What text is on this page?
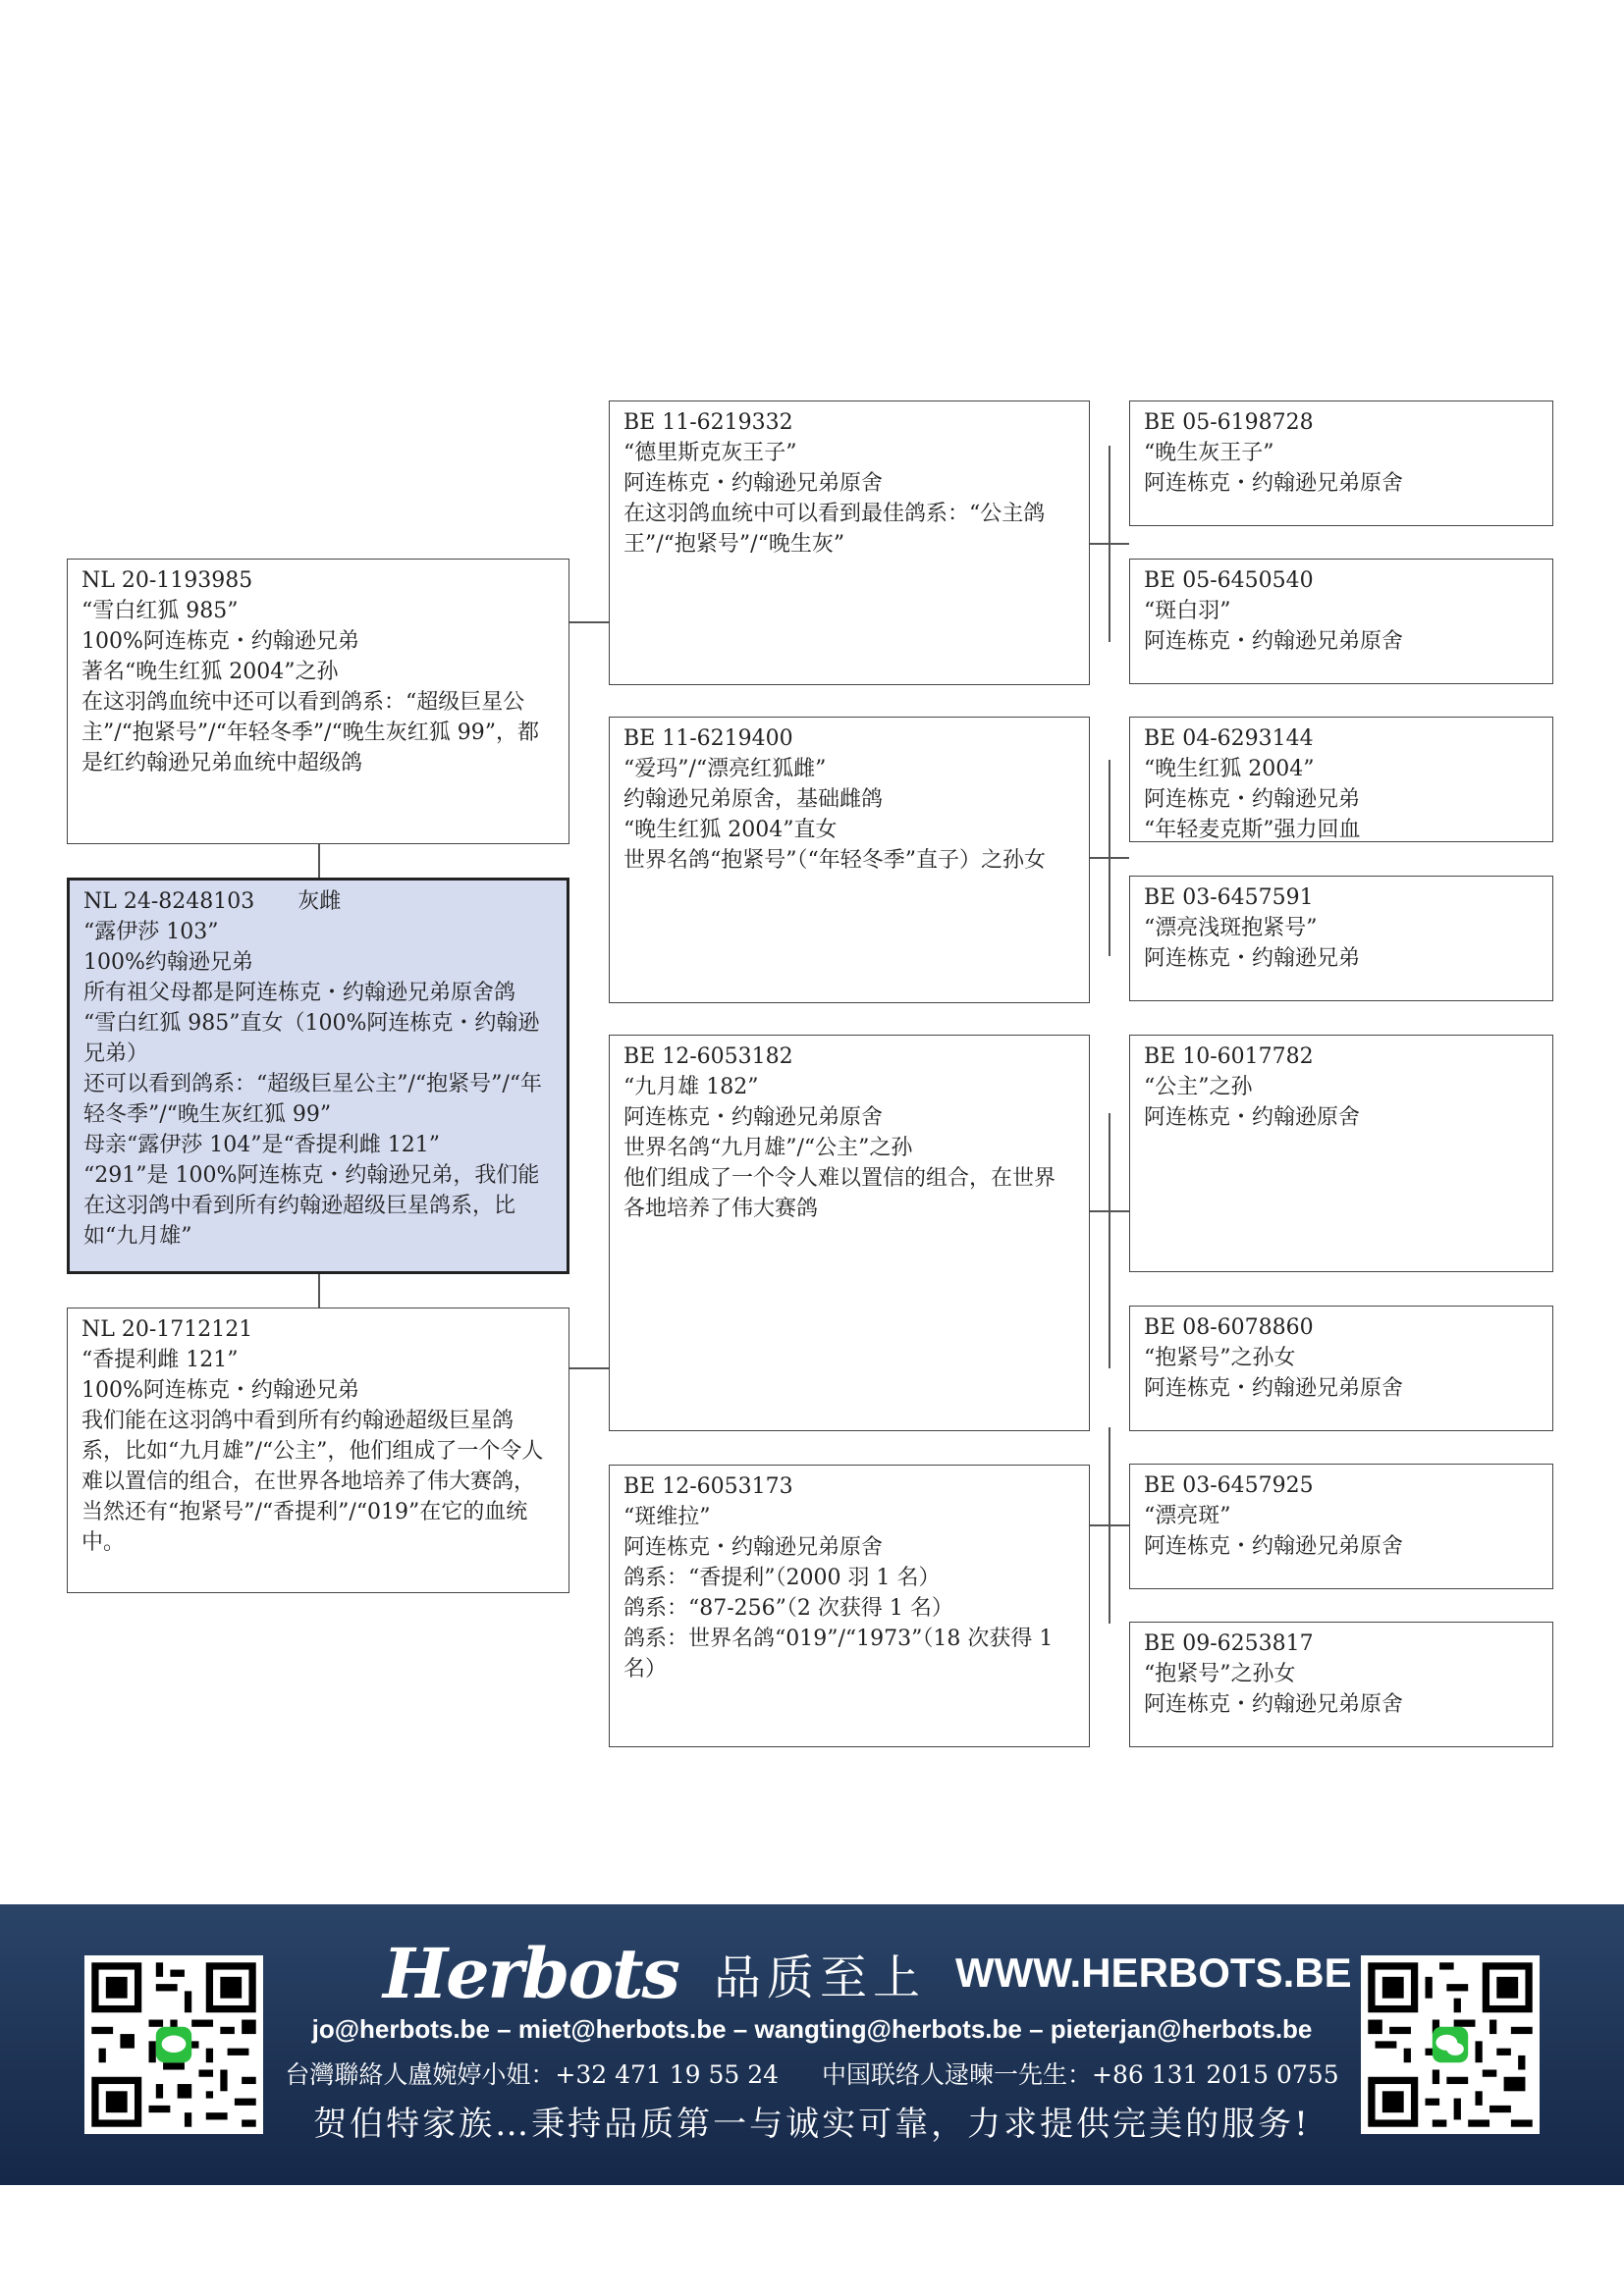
NL 20-1193985
“雪白红狐 985”
100%阿连栋克・约翰逊兄弟
著名“晚生红狐 2004”之孙
在这羽鸽血统中还可以看到鸽系：“超级巨星公主”/“抱紧号”/“年轻冬季”/“晚生灰红狐 99”，都是红约翰逊兄弟血统中超级鸽
NL 24-8248103　　灰雌
“露伊莎 103”
100%约翰逊兄弟
所有祖父母都是阿连栋克・约翰逊兄弟原舍鸽
“雪白红狐 985”直女（100%阿连栋克・约翰逊兄弟）
还可以看到鸽系：“超级巨星公主”/“抱紧号”/“年轻冬季”/“晚生灰红狐 99”
母亲“露伊莎 104”是“香提利雌 121”
“291”是 100%阿连栋克・约翰逊兄弟，我们能在这羽鸽中看到所有约翰逊超级巨星鸽系，比如“九月雄”
NL 20-1712121
“香提利雌 121”
100%阿连栋克・约翰逊兄弟
我们能在这羽鸽中看到所有约翰逊超级巨星鸽系，比如“九月雄”/“公主”，他们组成了一个令人难以置信的组合，在世界各地培养了伟大赛鸽，当然还有“抱紧号”/“香提利”/“019”在它的血统中。
BE 11-6219332
“德里斯克灰王子”
阿连栋克・约翰逊兄弟原舍
在这羽鸽血统中可以看到最佳鸽系：“公主鸽王”/“抱紧号”/“晚生灰”
BE 11-6219400
“爱玛”/“漂亮红狐雌”
约翰逊兄弟原舍，基础雌鸽
“晚生红狐 2004”直女
世界名鸽“抱紧号”（“年轻冬季”直子）之孙女
BE 12-6053182
“九月雄 182”
阿连栋克・约翰逊兄弟原舍
世界名鸽“九月雄”/“公主”之孙
他们组成了一个令人难以置信的组合，在世界各地培养了伟大赛鸽
BE 12-6053173
“斑维拉”
阿连栋克・约翰逊兄弟原舍
鸽系：“香提利”（2000 羽 1 名）
鸽系：“87-256”（2 次获得 1 名）
鸽系：世界名鸽“019”/“1973”（18 次获得 1 名）
BE 05-6198728
“晚生灰王子”
阿连栋克・约翰逊兄弟原舍
BE 05-6450540
“斑白羽”
阿连栋克・约翰逊兄弟原舍
BE 04-6293144
“晚生红狐 2004”
阿连栋克・约翰逊兄弟
“年轻麦克斯”强力回血
BE 03-6457591
“漂亮浅斑抱紧号”
阿连栋克・约翰逊兄弟
BE 10-6017782
“公主”之孙
阿连栋克・约翰逊原舍
BE 08-6078860
“抱紧号”之孙女
阿连栋克・约翰逊兄弟原舍
BE 03-6457925
“漂亮斑”
阿连栋克・约翰逊兄弟原舍
BE 09-6253817
“抱紧号”之孙女
阿连栋克・约翰逊兄弟原舍
Herbots 品质至上 WWW.HERBOTS.BE
jo@herbots.be – miet@herbots.be – wangting@herbots.be – pieterjan@herbots.be
台灣聯絡人盧婉婷小姐：+32 471 19 55 24 中国联络人逯暕一先生：+86 131 2015 0755
贺伯特家族…秉持品质第一与诚实可靠，力求提供完美的服务!
